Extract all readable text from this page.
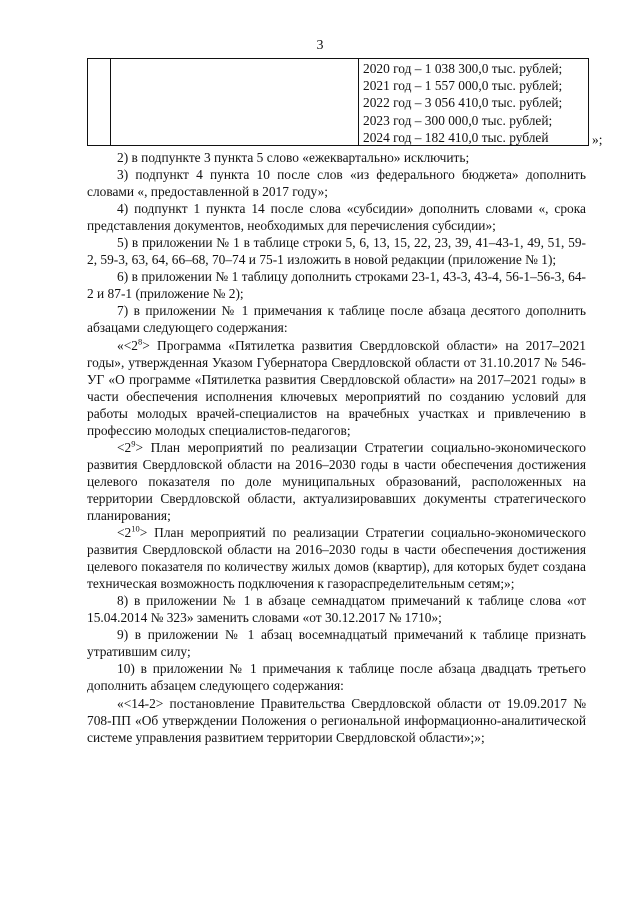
3
2020 год – 1 038 300,0 тыс. рублей;
2021 год – 1 557 000,0 тыс. рублей;
2022 год – 3 056 410,0 тыс. рублей;
2023 год – 300 000,0 тыс. рублей;
2024 год – 182 410,0 тыс. рублей	»;

2) в подпункте 3 пункта 5 слово «ежеквартально» исключить;

3) подпункт 4 пункта 10 после слов «из федерального бюджета» дополнить словами «, предоставленной в 2017 году»;

4) подпункт 1 пункта 14 после слова «субсидии» дополнить словами «, срока представления документов, необходимых для перечисления субсидии»;

5) в приложении № 1 в таблице строки 5, 6, 13, 15, 22, 23, 39, 41–43-1, 49, 51, 59-2, 59-3, 63, 64, 66–68, 70–74 и 75-1 изложить в новой редакции (приложение № 1);

6) в приложении № 1 таблицу дополнить строками 23-1, 43-3, 43-4, 56-1–56-3, 64-2 и 87-1 (приложение № 2);

7) в приложении № 1 примечания к таблице после абзаца десятого дополнить абзацами следующего содержания:

«$<2^8>$ Программа «Пятилетка развития Свердловской области» на 2017–2021 годы», утвержденная Указом Губернатора Свердловской области от 31.10.2017 № 546-УГ «О программе «Пятилетка развития Свердловской области» на 2017–2021 годы» в части обеспечения исполнения ключевых мероприятий по созданию условий для работы молодых врачей-специалистов на врачебных участках и привлечению в профессию молодых специалистов-педагогов;

$<2^9>$ План мероприятий по реализации Стратегии социально-экономического развития Свердловской области на 2016–2030 годы в части обеспечения достижения целевого показателя по доле муниципальных образований, расположенных на территории Свердловской области, актуализировавших документы стратегического планирования;

$<2^{10}>$ План мероприятий по реализации Стратегии социально-экономического развития Свердловской области на 2016–2030 годы в части обеспечения достижения целевого показателя по количеству жилых домов (квартир), для которых будет создана техническая возможность подключения к газораспределительным сетям;»;

8) в приложении № 1 в абзаце семнадцатом примечаний к таблице слова «от 15.04.2014 № 323» заменить словами «от 30.12.2017 № 1710»;

9) в приложении № 1 абзац восемнадцатый примечаний к таблице признать утратившим силу;

10) в приложении № 1 примечания к таблице после абзаца двадцать третьего дополнить абзацем следующего содержания:

«<14-2> постановление Правительства Свердловской области от 19.09.2017 № 708-ПП «Об утверждении Положения о региональной информационно-аналитической системе управления развитием территории Свердловской области»;»;
